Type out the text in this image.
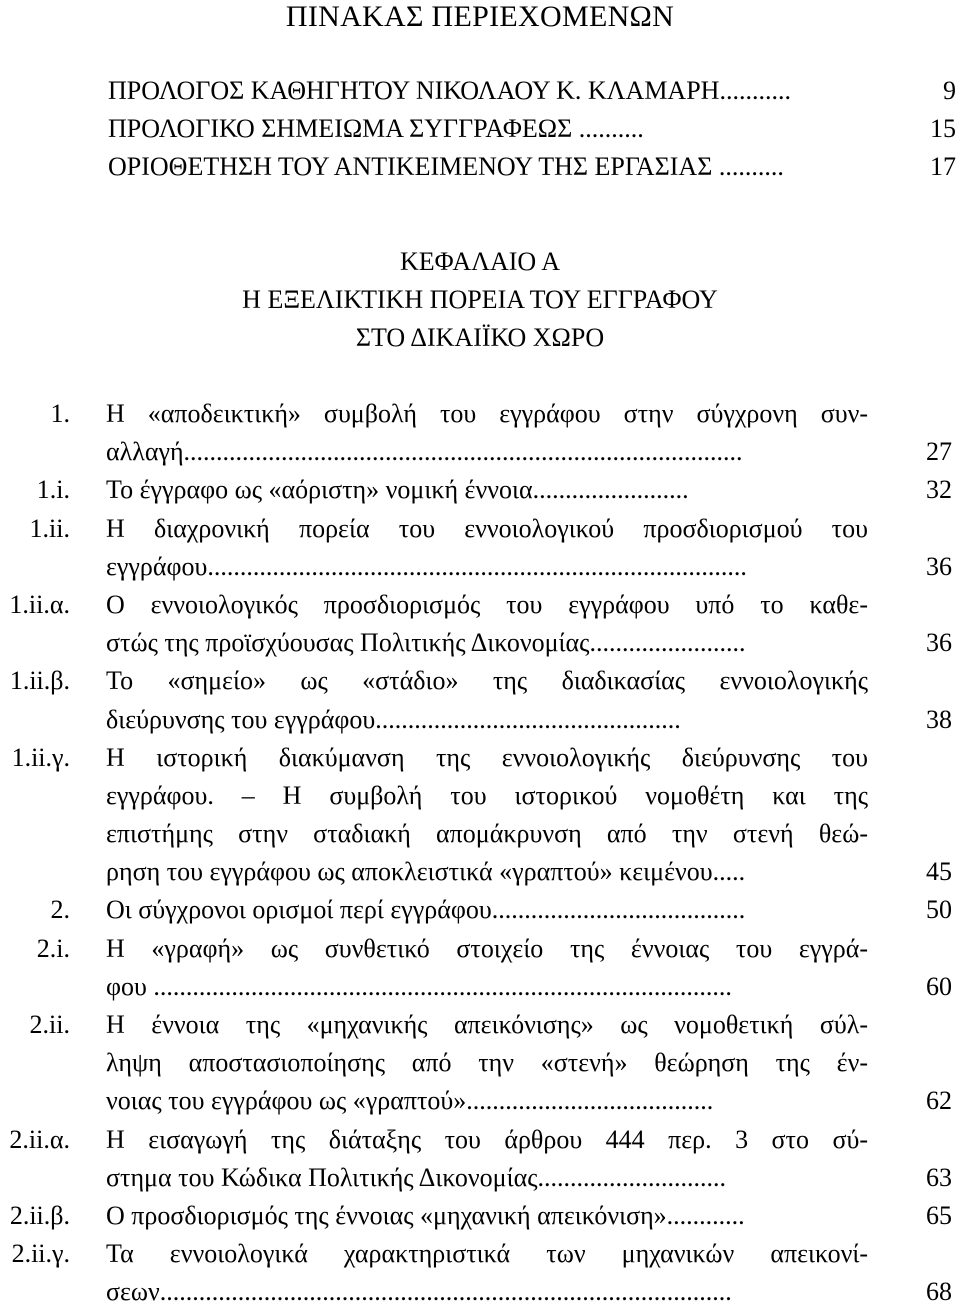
ΠΙΝΑΚΑΣ ΠΕΡΙΕΧΟΜΕΝΩΝ
ΠΡΟΛΟΓΟΣ ΚΑΘΗΓΗΤΟΥ ΝΙΚΟΛΑΟΥ Κ. ΚΛΑΜΑΡΗ...........	9
ΠΡΟΛΟΓΙΚΟ ΣΗΜΕΙΩΜΑ ΣΥΓΓΡΑΦΕΩΣ ..........	15
ΟΡΙΟΘΕΤΗΣΗ ΤΟΥ ΑΝΤΙΚΕΙΜΕΝΟΥ ΤΗΣ ΕΡΓΑΣΙΑΣ ..........	17
ΚΕΦΑΛΑΙΟ Α
Η ΕΞΕΛΙΚΤΙΚΗ ΠΟΡΕΙΑ ΤΟΥ ΕΓΓΡΑΦΟΥ
ΣΤΟ ΔΙΚΑΙΪΚΟ ΧΩΡΟ
1. Η «αποδεικτική» συμβολή του εγγράφου στην σύγχρονη συν-
αλλαγή......................................................................................	27
1.i. Το έγγραφο ως «αόριστη» νομική έννοια........................	32
1.ii. Η διαχρονική πορεία του εννοιολογικού προσδιορισμού του
εγγράφου...................................................................................	36
1.ii.α. Ο εννοιολογικός προσδιορισμός του εγγράφου υπό το καθε-
στώς της προϊσχύουσας Πολιτικής Δικονομίας........................	36
1.ii.β. Το «σημείο» ως «στάδιο» της διαδικασίας εννοιολογικής
διεύρυνσης του εγγράφου...............................................	38
1.ii.γ. Η ιστορική διακύμανση της εννοιολογικής διεύρυνσης του
εγγράφου. – Η συμβολή του ιστορικού νομοθέτη και της
επιστήμης στην σταδιακή απομάκρυνση από την στενή θεώ-
ρηση του εγγράφου ως αποκλειστικά «γραπτού» κειμένου.....	45
2. Οι σύγχρονοι ορισμοί περί εγγράφου.......................................	50
2.i. Η «γραφή» ως συνθετικό στοιχείο της έννοιας του εγγρά-
φου .........................................................................................	60
2.ii. Η έννοια της «μηχανικής απεικόνισης» ως νομοθετική σύλ-
ληψη αποστασιοποίησης από την «στενή» θεώρηση της έν-
νοιας του εγγράφου ως «γραπτού»......................................	62
2.ii.α. Η εισαγωγή της διάταξης του άρθρου 444 περ. 3 στο σύ-
στημα του Κώδικα Πολιτικής Δικονομίας.............................	63
2.ii.β. Ο προσδιορισμός της έννοιας «μηχανική απεικόνιση»............	65
2.ii.γ. Τα εννοιολογικά χαρακτηριστικά των μηχανικών απεικονί-
σεων........................................................................................	68
